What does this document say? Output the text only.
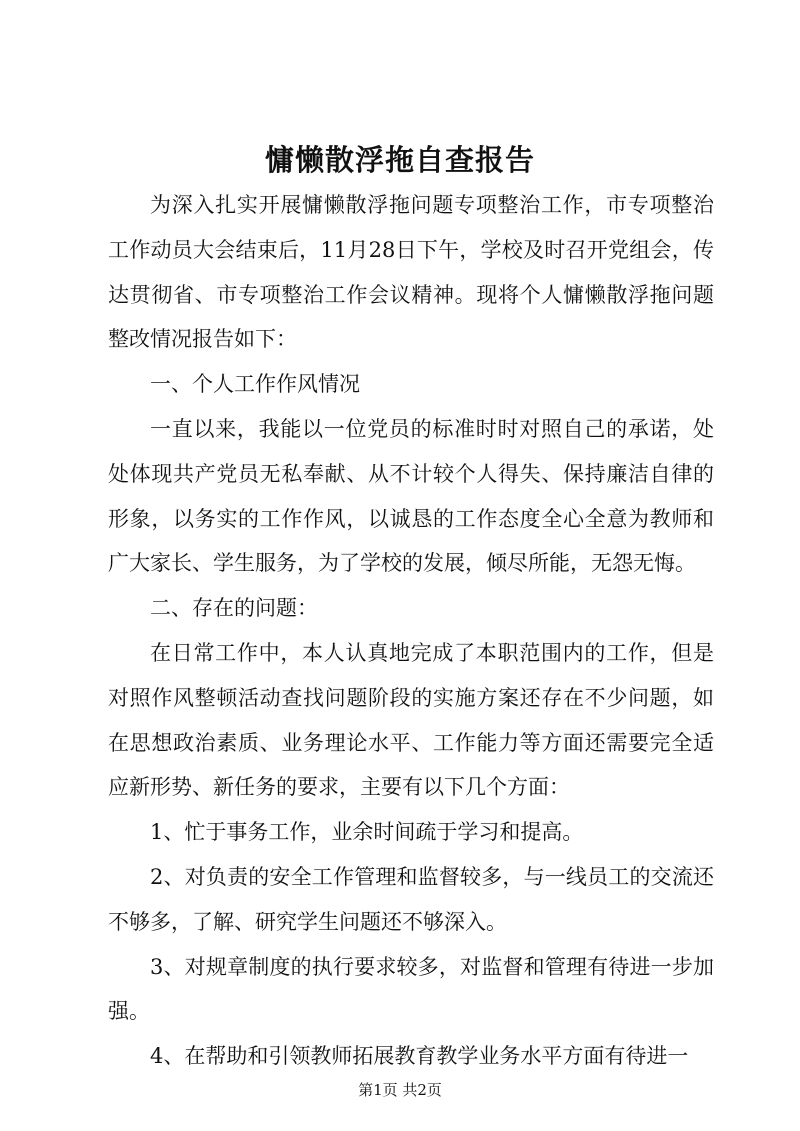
慵懒散浮拖自查报告

为深入扎实开展慵懒散浮拖问题专项整治工作，市专项整治工作动员大会结束后，11月28日下午，学校及时召开党组会，传达贯彻省、市专项整治工作会议精神。现将个人慵懒散浮拖问题整改情况报告如下：

一、个人工作作风情况

一直以来，我能以一位党员的标准时时对照自己的承诺，处处体现共产党员无私奉献、从不计较个人得失、保持廉洁自律的形象，以务实的工作作风，以诚恳的工作态度全心全意为教师和广大家长、学生服务，为了学校的发展，倾尽所能，无怨无悔。

二、存在的问题：

在日常工作中，本人认真地完成了本职范围内的工作，但是对照作风整顿活动查找问题阶段的实施方案还存在不少问题，如在思想政治素质、业务理论水平、工作能力等方面还需要完全适应新形势、新任务的要求，主要有以下几个方面：

1、忙于事务工作，业余时间疏于学习和提高。

2、对负责的安全工作管理和监督较多，与一线员工的交流还不够多，了解、研究学生问题还不够深入。

3、对规章制度的执行要求较多，对监督和管理有待进一步加强。

4、在帮助和引领教师拓展教育教学业务水平方面有待进一

第1页 共2页
